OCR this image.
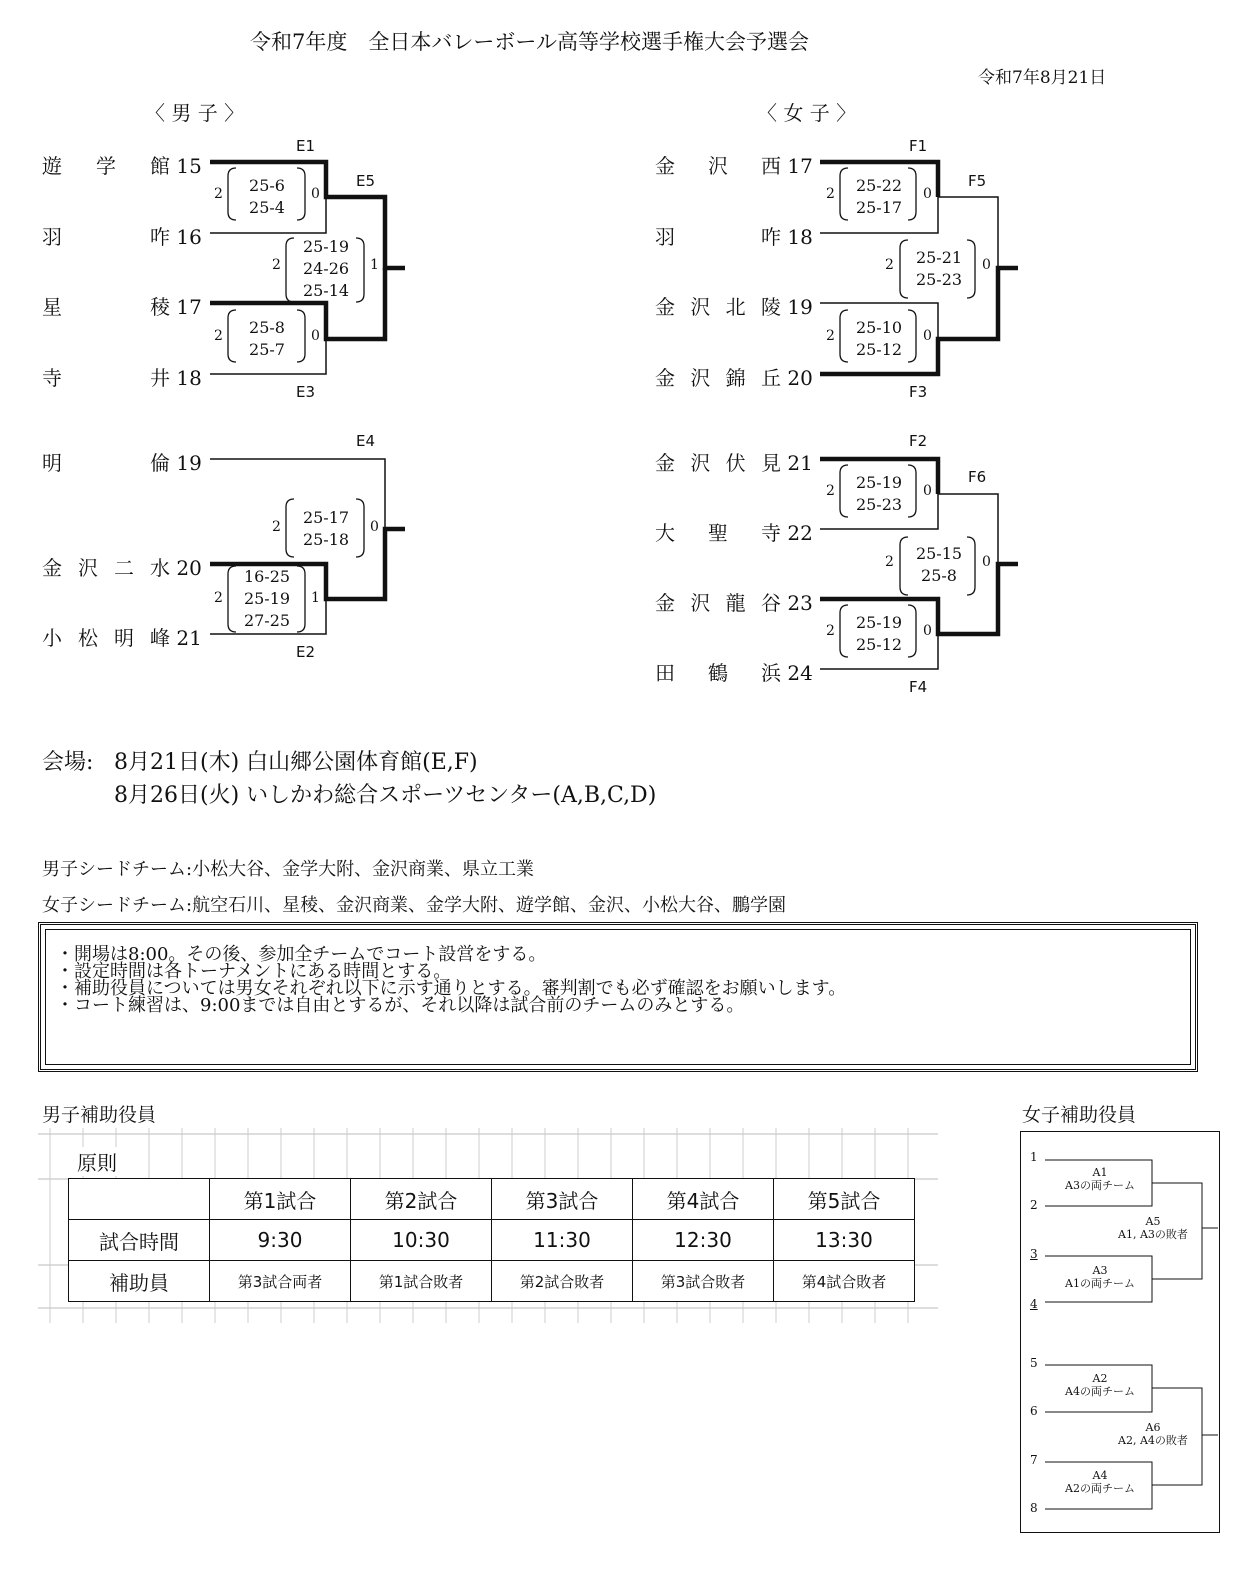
令和7年度　全日本バレーボール高等学校選手権大会予選会
令和7年8月21日
〈 男 子 〉	〈 女 子 〉
遊学館 15
羽咋 16
星稜 17
寺井 18
明倫 19
金沢二水 20
小松明峰 21
E1
2	0
25-6
25-4
E3
2	0
25-8
25-7
E5
2	1
25-19
24-26
25-14
E2
2	1
16-25
25-19
27-25
E4
2	0
25-17
25-18
金沢西 17
羽咋 18
金沢北陵 19
金沢錦丘 20
金沢伏見 21
大聖寺 22
金沢龍谷 23
田鶴浜 24
F1
2	0
25-22
25-17
F3
2	0
25-10
25-12
F5
2	0
25-21
25-23
F2
2	0
25-19
25-23
F4
2	0
25-19
25-12
F6
2	0
25-15
25-8
会場: 8月21日(木) 白山郷公園体育館(E,F)
8月26日(火) いしかわ総合スポーツセンター(A,B,C,D)
男子シードチーム:小松大谷、金学大附、金沢商業、県立工業
女子シードチーム:航空石川、星稜、金沢商業、金学大附、遊学館、金沢、小松大谷、鵬学園
・開場は8:00。その後、参加全チームでコート設営をする。
・設定時間は各トーナメントにある時間とする。
・補助役員については男女それぞれ以下に示す通りとする。審判割でも必ず確認をお願いします。
・コート練習は、9:00までは自由とするが、それ以降は試合前のチームのみとする。
男子補助役員
原則
	第1試合	第2試合	第3試合	第4試合	第5試合
試合時間	9:30	10:30	11:30	12:30	13:30
補助員	第3試合両者	第1試合敗者	第2試合敗者	第3試合敗者	第4試合敗者
女子補助役員
1
2
3
4
5
6
7
8
A1
A3の両チーム
A3
A1の両チーム
A5
A1, A3の敗者
A2
A4の両チーム
A4
A2の両チーム
A6
A2, A4の敗者
